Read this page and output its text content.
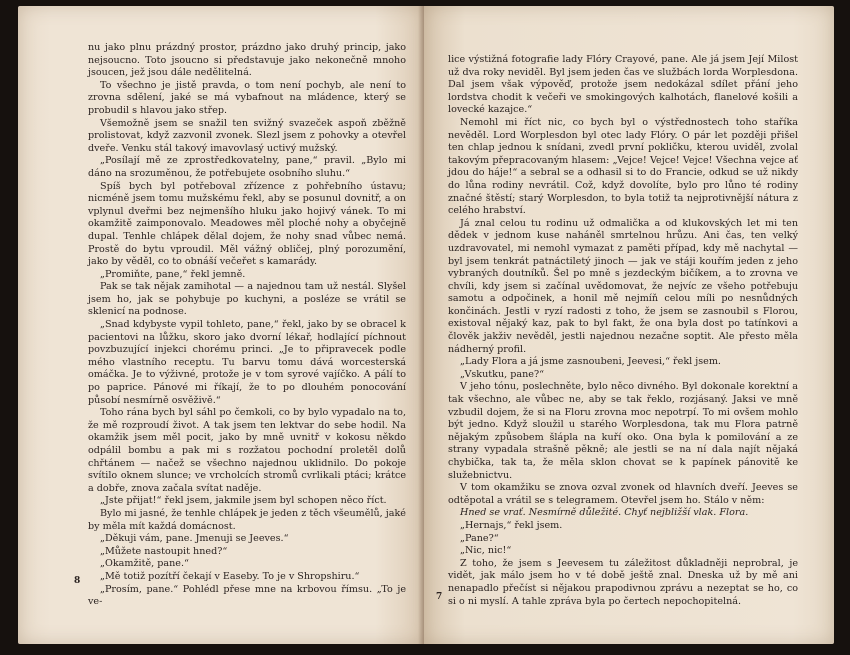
nu jako plnu prázdný prostor, prázdno jako druhý princip, jako nejsoucno. Toto jsoucno si představuje jako nekonečně mnoho jsoucen, jež jsou dále nedělitelná.

To všechno je jistě pravda, o tom není pochyb, ale není to zrovna sdělení, jaké se má vybafnout na mládence, který se probudil s hlavou jako střep.

Všemožně jsem se snažil ten svižný svazeček aspoň zběžně prolistovat, když zazvonil zvonek. Slezl jsem z pohovky a otevřel dveře. Venku stál takový imavovlasý uctivý mužský.

„Posílají mě ze zprostředkovatelny, pane,“ pravil. „Bylo mi dáno na srozuměnou, že potřebujete osobního sluhu.“

Spíš bych byl potřeboval zřízence z pohřebního ústavu; nicméně jsem tomu mužskému řekl, aby se posunul dovnitř, a on vplynul dveřmi bez nejmenšího hluku jako hojivý vánek. To mi okamžitě zaimponovalo. Meadowes měl ploché nohy a obyčejně dupal. Tenhle chlápek dělal dojem, že nohy snad vůbec nemá. Prostě do bytu vproudil. Měl vážný obličej, plný porozumění, jako by věděl, co to obnáší večeřet s kamarády.

„Promiňte, pane,“ řekl jemně.

Pak se tak nějak zamihotal — a najednou tam už nestál. Slyšel jsem ho, jak se pohybuje po kuchyni, a posléze se vrátil se sklenicí na podnose.

„Snad kdybyste vypil tohleto, pane,“ řekl, jako by se obracel k pacientovi na lůžku, skoro jako dvorní lékař, hodlající píchnout povzbuzující injekci chorému princi. „Je to připravecek podle mého vlastního receptu. Tu barvu tomu dává worcesterská omáčka. Je to výživné, protože je v tom syrové vajíčko. A pálí to po paprice. Pánové mi říkají, že to po dlouhém ponocování působí nesmírně osvěživě.“

Toho rána bych byl sáhl po čemkoli, co by bylo vypadalo na to, že mě rozproudí život. A tak jsem ten lektvar do sebe hodil. Na okamžik jsem měl pocit, jako by mně uvnitř v kokosu někdo odpálil bombu a pak mi s rozžatou pochodní proletěl dolů chřtánem — načež se všechno najednou uklidnilo. Do pokoje svítilo oknem slunce; ve vrcholcích stromů cvrlikali ptáci; krátce a dobře, znova začala svítat naděje.

„Jste přijat!“ řekl jsem, jakmile jsem byl schopen něco říct.

Bylo mi jasné, že tenhle chlápek je jeden z těch všeumělů, jaké by měla mít každá domácnost.

„Děkuji vám, pane. Jmenuji se Jeeves.“

„Můžete nastoupit hned?“

„Okamžitě, pane.“

„Mě totiž pozítří čekají v Easeby. To je v Shropshiru.“

„Prosím, pane.“ Pohlédl přese mne na krbovou římsu. „To je ve-

8

lice výstižná fotografie lady Flóry Crayové, pane. Ale já jsem Její Milost už dva roky neviděl. Byl jsem jeden čas ve službách lorda Worplesdona. Dal jsem však výpověď, protože jsem nedokázal sdílet přání jeho lordstva chodit k večeři ve smokingových kalhotách, flanelové košili a lovecké kazajce.“

Nemohl mi říct nic, co bych byl o výstřednostech toho staříka nevěděl. Lord Worplesdon byl otec lady Flóry. O pár let později přišel ten chlap jednou k snídani, zvedl první pokličku, kterou uviděl, zvolal takovým přepracovaným hlasem: „Vejce! Vejce! Vejce! Všechna vejce ať jdou do háje!“ a sebral se a odhasil si to do Francie, odkud se už nikdy do lůna rodiny nevrátil. Což, když dovolíte, bylo pro lůno té rodiny značné štěstí; starý Worplesdon, to byla totiž ta nejprotivnější nátura z celého hrabství.

Já znal celou tu rodinu už odmalička a od klukovských let mi ten dědek v jednom kuse naháněl smrtelnou hrůzu. Ani čas, ten velký uzdravovatel, mi nemohl vymazat z paměti případ, kdy mě nachytal — byl jsem tenkrát patnáctiletý jinoch — jak ve stáji kouřím jeden z jeho vybraných doutníků. Šel po mně s jezdeckým bičíkem, a to zrovna ve chvíli, kdy jsem si začínal uvědomovat, že nejvíc ze všeho potřebuju samotu a odpočinek, a honil mě nejmíň celou míli po nesnůdných končinách. Jestli v ryzí radosti z toho, že jsem se zasnoubil s Florou, existoval nějaký kaz, pak to byl fakt, že ona byla dost po tatínkovi a člověk jakživ nevěděl, jestli najednou nezačne soptit. Ale přesto měla nádherný profil.

„Lady Flora a já jsme zasnoubeni, Jeevesi,“ řekl jsem.

„Vskutku, pane?“

V jeho tónu, poslechněte, bylo něco divného. Byl dokonale korektní a tak všechno, ale vůbec ne, aby se tak řeklo, rozjásaný. Jaksi ve mně vzbudil dojem, že si na Floru zrovna moc nepotrpí. To mi ovšem mohlo být jedno. Když sloužil u starého Worplesdona, tak mu Flora patrně nějakým způsobem šlápla na kuří oko. Ona byla k pomilování a ze strany vypadala strašně pěkně; ale jestli se na ní dala najít nějaká chybička, tak ta, že měla sklon chovat se k papínek pánovitě ke služebnictvu.

V tom okamžiku se znova ozval zvonek od hlavních dveří. Jeeves se odtěpotal a vrátil se s telegramem. Otevřel jsem ho. Stálo v něm:

Hned se vrať. Nesmírně důležité. Chyť nejbližší vlak. Flora.

„Hernajs,“ řekl jsem.

„Pane?“

„Nic, nic!“

Z toho, že jsem s Jeevesem tu záležitost důkladněji neprobral, je vidět, jak málo jsem ho v té době ještě znal. Dneska už by mě ani nenapadlo přečíst si nějakou prapodivnou zprávu a nezeptat se ho, co si o ni myslí. A tahle zpráva byla po čertech nepochopitelná.

7
